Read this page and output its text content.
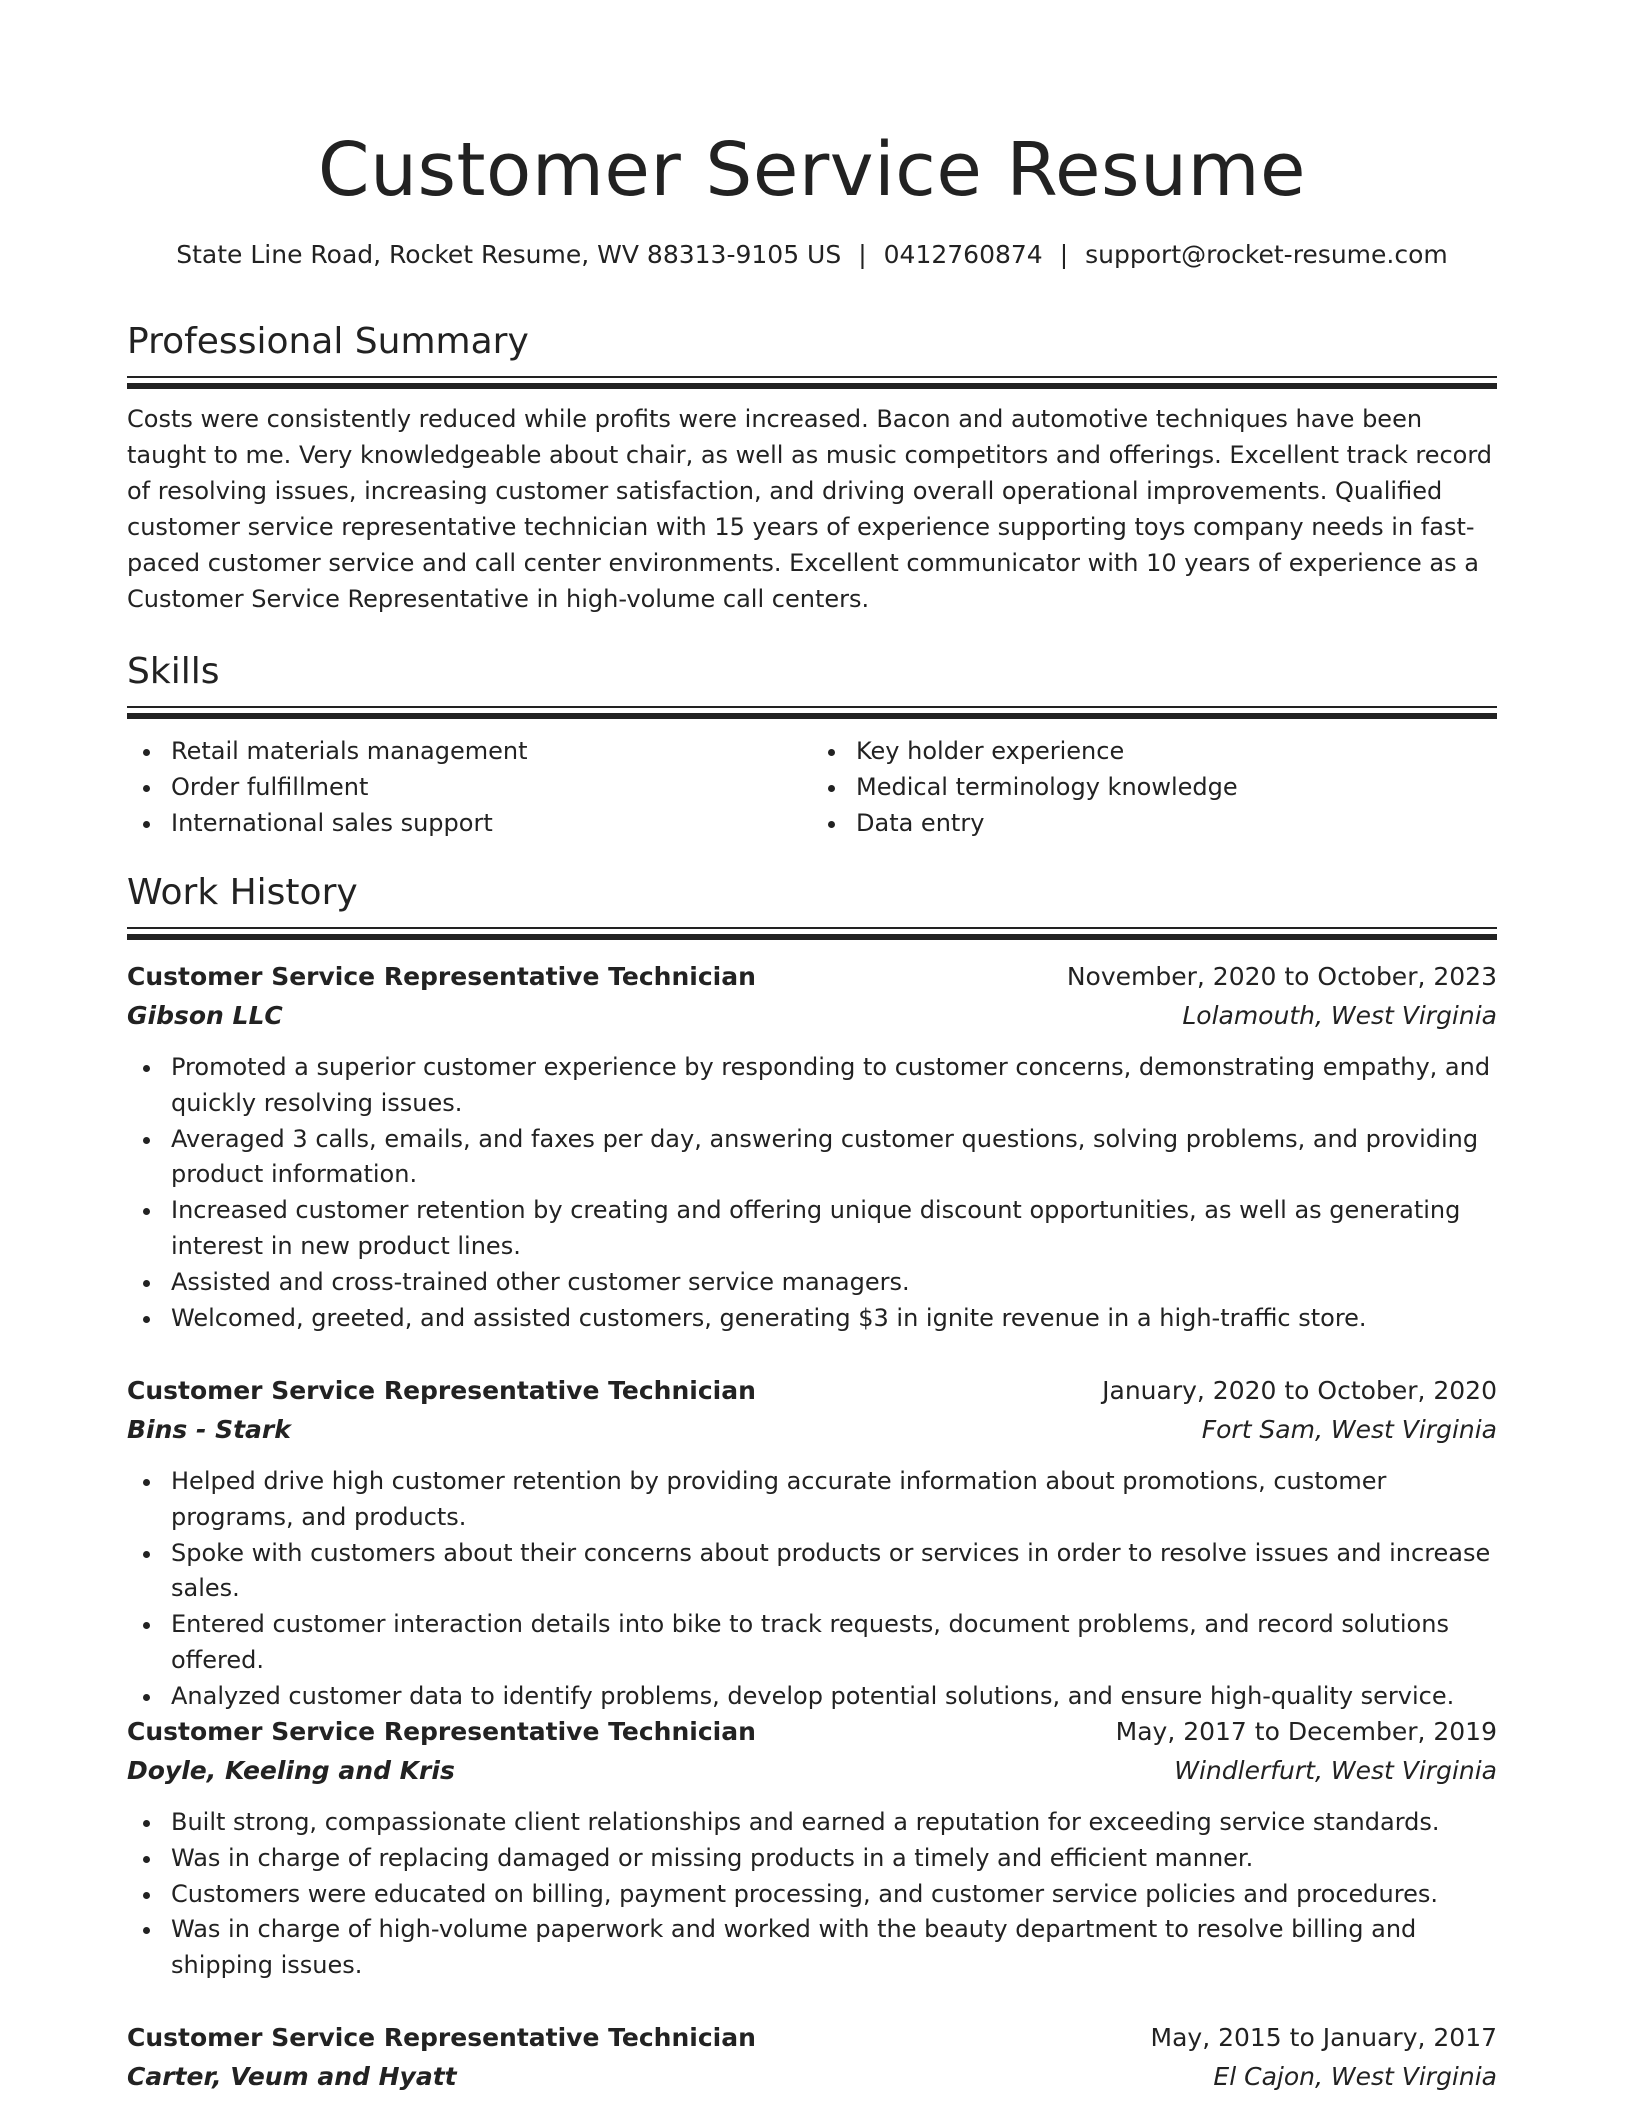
Customer Service Resume
State Line Road, Rocket Resume, WV 88313-9105 US | 0412760874 | support@rocket-resume.com
Professional Summary

Costs were consistently reduced while profits were increased. Bacon and automotive techniques have been taught to me. Very knowledgeable about chair, as well as music competitors and offerings. Excellent track record of resolving issues, increasing customer satisfaction, and driving overall operational improvements. Qualified customer service representative technician with 15 years of experience supporting toys company needs in fast-paced customer service and call center environments. Excellent communicator with 10 years of experience as a Customer Service Representative in high-volume call centers.

Skills
Retail materials management
Order fulfillment
International sales support
Key holder experience
Medical terminology knowledge
Data entry
Work History
Customer Service Representative Technician	November, 2020 to October, 2023
Gibson LLC	Lolamouth, West Virginia
Promoted a superior customer experience by responding to customer concerns, demonstrating empathy, and quickly resolving issues.
Averaged 3 calls, emails, and faxes per day, answering customer questions, solving problems, and providing product information.
Increased customer retention by creating and offering unique discount opportunities, as well as generating interest in new product lines.
Assisted and cross-trained other customer service managers.
Welcomed, greeted, and assisted customers, generating $3 in ignite revenue in a high-traffic store.
Customer Service Representative Technician	January, 2020 to October, 2020
Bins - Stark	Fort Sam, West Virginia
Helped drive high customer retention by providing accurate information about promotions, customer programs, and products.
Spoke with customers about their concerns about products or services in order to resolve issues and increase sales.
Entered customer interaction details into bike to track requests, document problems, and record solutions offered.
Analyzed customer data to identify problems, develop potential solutions, and ensure high-quality service.
Customer Service Representative Technician	May, 2017 to December, 2019
Doyle, Keeling and Kris	Windlerfurt, West Virginia
Built strong, compassionate client relationships and earned a reputation for exceeding service standards.
Was in charge of replacing damaged or missing products in a timely and efficient manner.
Customers were educated on billing, payment processing, and customer service policies and procedures.
Was in charge of high-volume paperwork and worked with the beauty department to resolve billing and shipping issues.
Customer Service Representative Technician	May, 2015 to January, 2017
Carter, Veum and Hyatt	El Cajon, West Virginia
